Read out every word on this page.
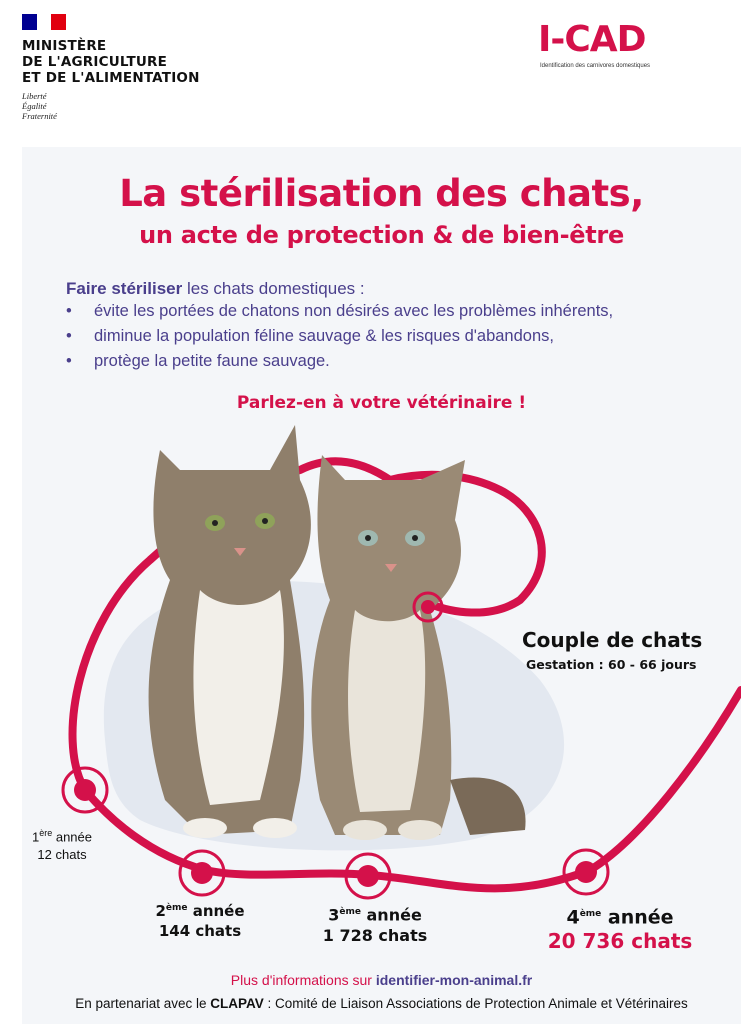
MINISTÈRE
DE L'AGRICULTURE
ET DE L'ALIMENTATION
Liberté
Égalité
Fraternité
I-CAD
Identification des carnivores domestiques
La stérilisation des chats,
un acte de protection & de bien-être
Faire stériliser les chats domestiques :
• évite les portées de chatons non désirés avec les problèmes inhérents,
• diminue la population féline sauvage & les risques d'abandons,
• protège la petite faune sauvage.
Parlez-en à votre vétérinaire !
Couple de chats
Gestation : 60 - 66 jours
1ère année
12 chats
2ème année
144 chats
3ème année
1 728 chats
4ème année
20 736 chats
Plus d'informations sur identifier-mon-animal.fr
En partenariat avec le CLAPAV : Comité de Liaison Associations de Protection Animale et Vétérinaires
